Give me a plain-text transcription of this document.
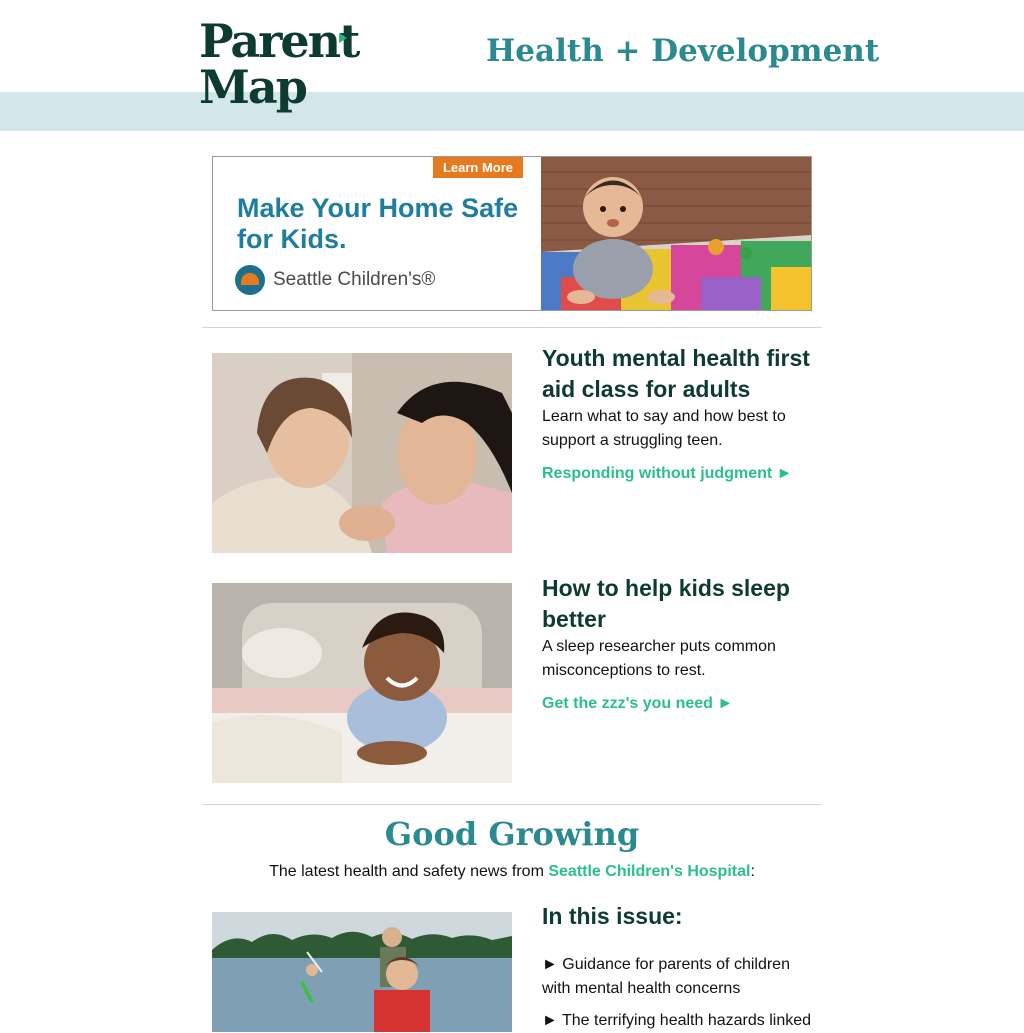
Parent
Map
Health + Development
Learn More
Make Your Home Safe for Kids.
Seattle Children's®
Youth mental health first aid class for adults
Learn what to say and how best to support a struggling teen.
Responding without judgment ►
How to help kids sleep better
A sleep researcher puts common misconceptions to rest.
Get the zzz's you need ►
Good Growing
The latest health and safety news from Seattle Children's Hospital:
In this issue:
► Guidance for parents of children with mental health concerns
► The terrifying health hazards linked
